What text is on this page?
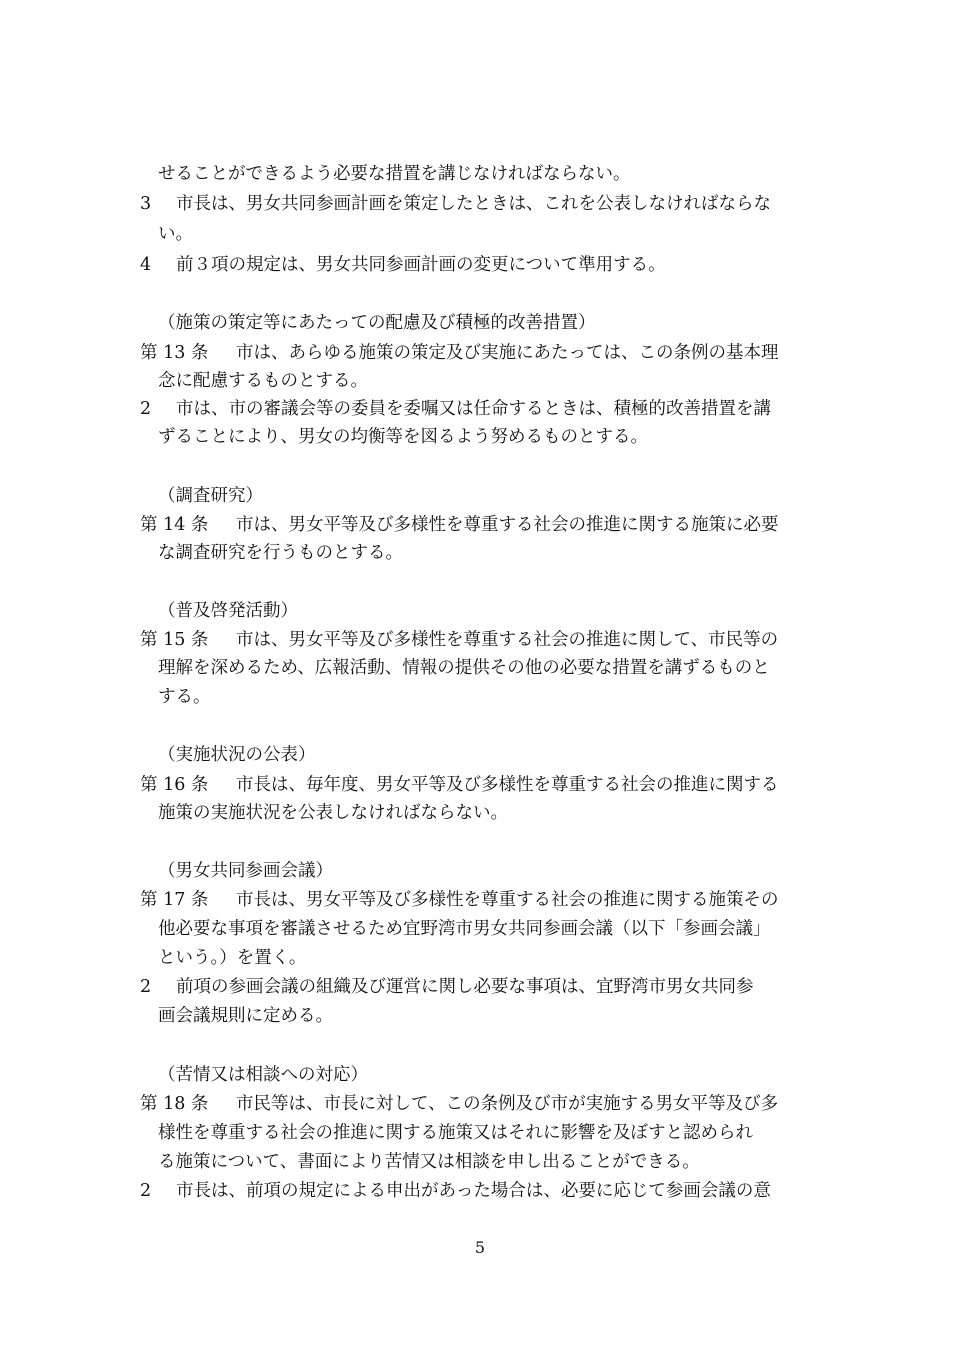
せることができるよう必要な措置を講じなければならない。
3 市長は、男女共同参画計画を策定したときは、これを公表しなければならな
い。
4 前３項の規定は、男女共同参画計画の変更について準用する。
（施策の策定等にあたっての配慮及び積極的改善措置）
第 13 条 市は、あらゆる施策の策定及び実施にあたっては、この条例の基本理
念に配慮するものとする。
2 市は、市の審議会等の委員を委嘱又は任命するときは、積極的改善措置を講
ずることにより、男女の均衡等を図るよう努めるものとする。
（調査研究）
第 14 条 市は、男女平等及び多様性を尊重する社会の推進に関する施策に必要
な調査研究を行うものとする。
（普及啓発活動）
第 15 条 市は、男女平等及び多様性を尊重する社会の推進に関して、市民等の
理解を深めるため、広報活動、情報の提供その他の必要な措置を講ずるものと
する。
（実施状況の公表）
第 16 条 市長は、毎年度、男女平等及び多様性を尊重する社会の推進に関する
施策の実施状況を公表しなければならない。
（男女共同参画会議）
第 17 条 市長は、男女平等及び多様性を尊重する社会の推進に関する施策その
他必要な事項を審議させるため宜野湾市男女共同参画会議（以下「参画会議」
という。）を置く。
2 前項の参画会議の組織及び運営に関し必要な事項は、宜野湾市男女共同参
画会議規則に定める。
（苦情又は相談への対応）
第 18 条 市民等は、市長に対して、この条例及び市が実施する男女平等及び多
様性を尊重する社会の推進に関する施策又はそれに影響を及ぼすと認められ
る施策について、書面により苦情又は相談を申し出ることができる。
2 市長は、前項の規定による申出があった場合は、必要に応じて参画会議の意
5
